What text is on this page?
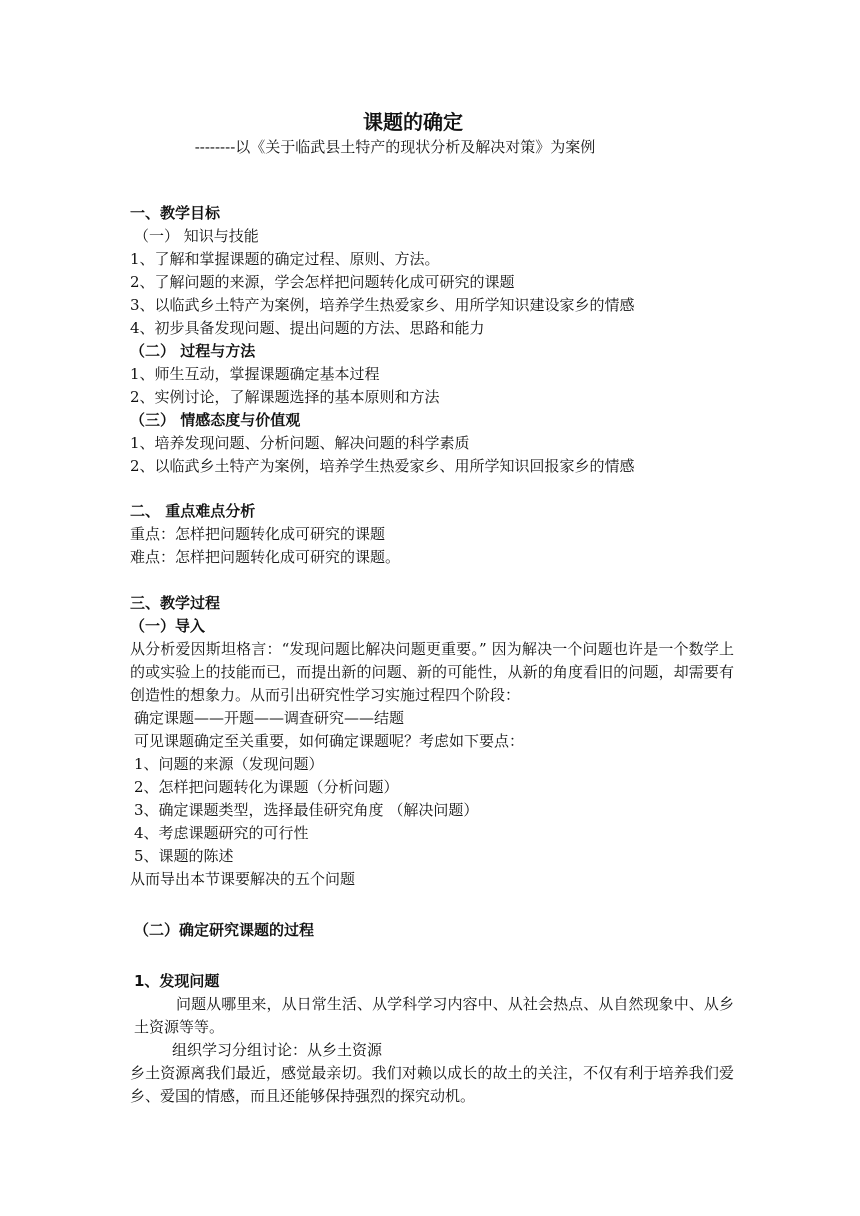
课题的确定
--------以《关于临武县土特产的现状分析及解决对策》为案例
一、教学目标
（一） 知识与技能
1、了解和掌握课题的确定过程、原则、方法。
2、了解问题的来源，学会怎样把问题转化成可研究的课题
3、以临武乡土特产为案例，培养学生热爱家乡、用所学知识建设家乡的情感
4、初步具备发现问题、提出问题的方法、思路和能力
（二） 过程与方法
1、师生互动，掌握课题确定基本过程
2、实例讨论，了解课题选择的基本原则和方法
（三） 情感态度与价值观
1、培养发现问题、分析问题、解决问题的科学素质
2、以临武乡土特产为案例，培养学生热爱家乡、用所学知识回报家乡的情感
二、 重点难点分析
重点：怎样把问题转化成可研究的课题
难点：怎样把问题转化成可研究的课题。
三、教学过程
（一）导入
从分析爱因斯坦格言：“发现问题比解决问题更重要。” 因为解决一个问题也许是一个数学上的或实验上的技能而已，而提出新的问题、新的可能性，从新的角度看旧的问题，却需要有创造性的想象力。从而引出研究性学习实施过程四个阶段：
确定课题——开题——调查研究——结题
可见课题确定至关重要，如何确定课题呢？考虑如下要点：
1、问题的来源（发现问题）
2、怎样把问题转化为课题（分析问题）
3、确定课题类型，选择最佳研究角度 （解决问题）
4、考虑课题研究的可行性
5、课题的陈述
从而导出本节课要解决的五个问题
（二）确定研究课题的过程
1、发现问题
问题从哪里来，从日常生活、从学科学习内容中、从社会热点、从自然现象中、从乡土资源等等。
组织学习分组讨论：从乡土资源
乡土资源离我们最近，感觉最亲切。我们对赖以成长的故土的关注，不仅有利于培养我们爱乡、爱国的情感，而且还能够保持强烈的探究动机。
